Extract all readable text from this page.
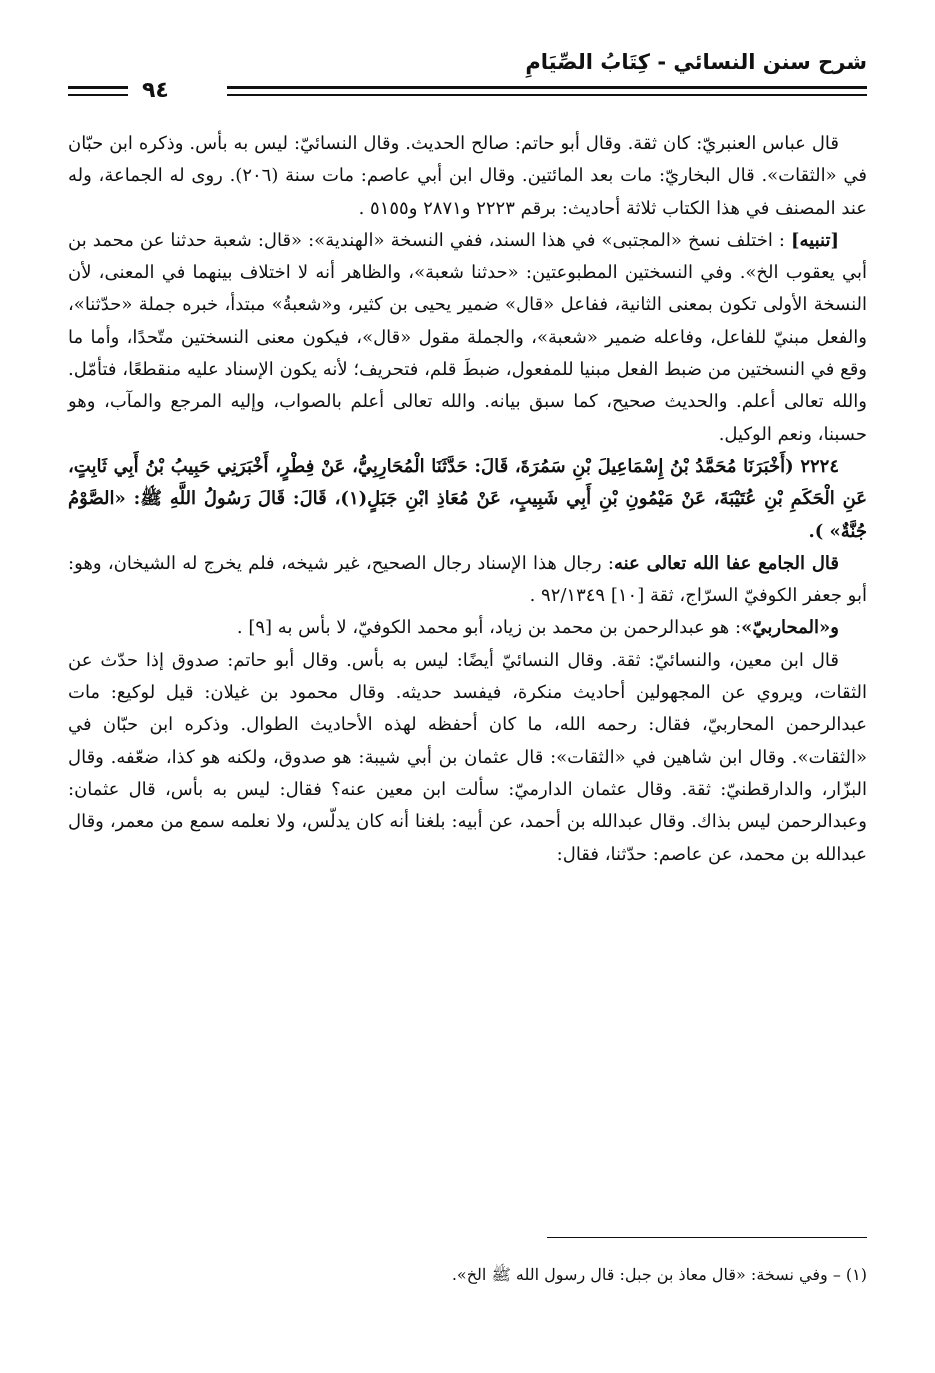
شرح سنن النسائي - كِتَابُ الصِّيَامِ
٩٤

قال عباس العنبريّ: كان ثقة. وقال أبو حاتم: صالح الحديث. وقال النسائيّ: ليس به بأس. وذكره ابن حبّان في «الثقات». قال البخاريّ: مات بعد المائتين. وقال ابن أبي عاصم: مات سنة (٢٠٦). روى له الجماعة، وله عند المصنف في هذا الكتاب ثلاثة أحاديث: برقم ٢٢٢٣ و٢٨٧١ و٥١٥٥ .

[تنبيه] : اختلف نسخ «المجتبى» في هذا السند، ففي النسخة «الهندية»: «قال: شعبة حدثنا عن محمد بن أبي يعقوب الخ». وفي النسختين المطبوعتين: «حدثنا شعبة»، والظاهر أنه لا اختلاف بينهما في المعنى، لأن النسخة الأولى تكون بمعنى الثانية، ففاعل «قال» ضمير يحيى بن كثير، و«شعبةُ» مبتدأ، خبره جملة «حدّثنا»، والفعل مبنيّ للفاعل، وفاعله ضمير «شعبة»، والجملة مقول «قال»، فيكون معنى النسختين متّحدًا، وأما ما وقع في النسختين من ضبط الفعل مبنيا للمفعول، ضبطَ قلم، فتحريف؛ لأنه يكون الإسناد عليه منقطعًا، فتأمّل. والله تعالى أعلم. والحديث صحيح، كما سبق بيانه. والله تعالى أعلم بالصواب، وإليه المرجع والمآب، وهو حسبنا، ونعم الوكيل.

٢٢٢٤ (أَخْبَرَنَا مُحَمَّدُ بْنُ إِسْمَاعِيلَ بْنِ سَمُرَةَ، قَالَ: حَدَّثَنَا الْمُحَارِبِيُّ، عَنْ فِطْرٍ، أَخْبَرَنِي حَبِيبُ بْنُ أَبِي ثَابِتٍ، عَنِ الْحَكَمِ بْنِ عُتَيْبَةَ، عَنْ مَيْمُونِ بْنِ أَبِي شَبِيبٍ، عَنْ مُعَاذِ ابْنِ جَبَلٍ(١)، قَالَ: قَالَ رَسُولُ اللَّهِ ﷺ: «الصَّوْمُ جُنَّةٌ» ).

قال الجامع عفا الله تعالى عنه: رجال هذا الإسناد رجال الصحيح، غير شيخه، فلم يخرج له الشيخان، وهو: أبو جعفر الكوفيّ السرّاج، ثقة [١٠] ٩٢/١٣٤٩ .

و«المحاربيّ»: هو عبدالرحمن بن محمد بن زياد، أبو محمد الكوفيّ، لا بأس به [٩] .

قال ابن معين، والنسائيّ: ثقة. وقال النسائيّ أيضًا: ليس به بأس. وقال أبو حاتم: صدوق إذا حدّث عن الثقات، ويروي عن المجهولين أحاديث منكرة، فيفسد حديثه. وقال محمود بن غيلان: قيل لوكيع: مات عبدالرحمن المحاربيّ، فقال: رحمه الله، ما كان أحفظه لهذه الأحاديث الطوال. وذكره ابن حبّان في «الثقات». وقال ابن شاهين في «الثقات»: قال عثمان بن أبي شيبة: هو صدوق، ولكنه هو كذا، ضعّفه. وقال البزّار، والدارقطنيّ: ثقة. وقال عثمان الدارميّ: سألت ابن معين عنه؟ فقال: ليس به بأس، قال عثمان: وعبدالرحمن ليس بذاك. وقال عبدالله بن أحمد، عن أبيه: بلغنا أنه كان يدلّس، ولا نعلمه سمع من معمر، وقال عبدالله بن محمد، عن عاصم: حدّثنا، فقال:

(١) – وفي نسخة: «قال معاذ بن جبل: قال رسول الله ﷺ الخ».
